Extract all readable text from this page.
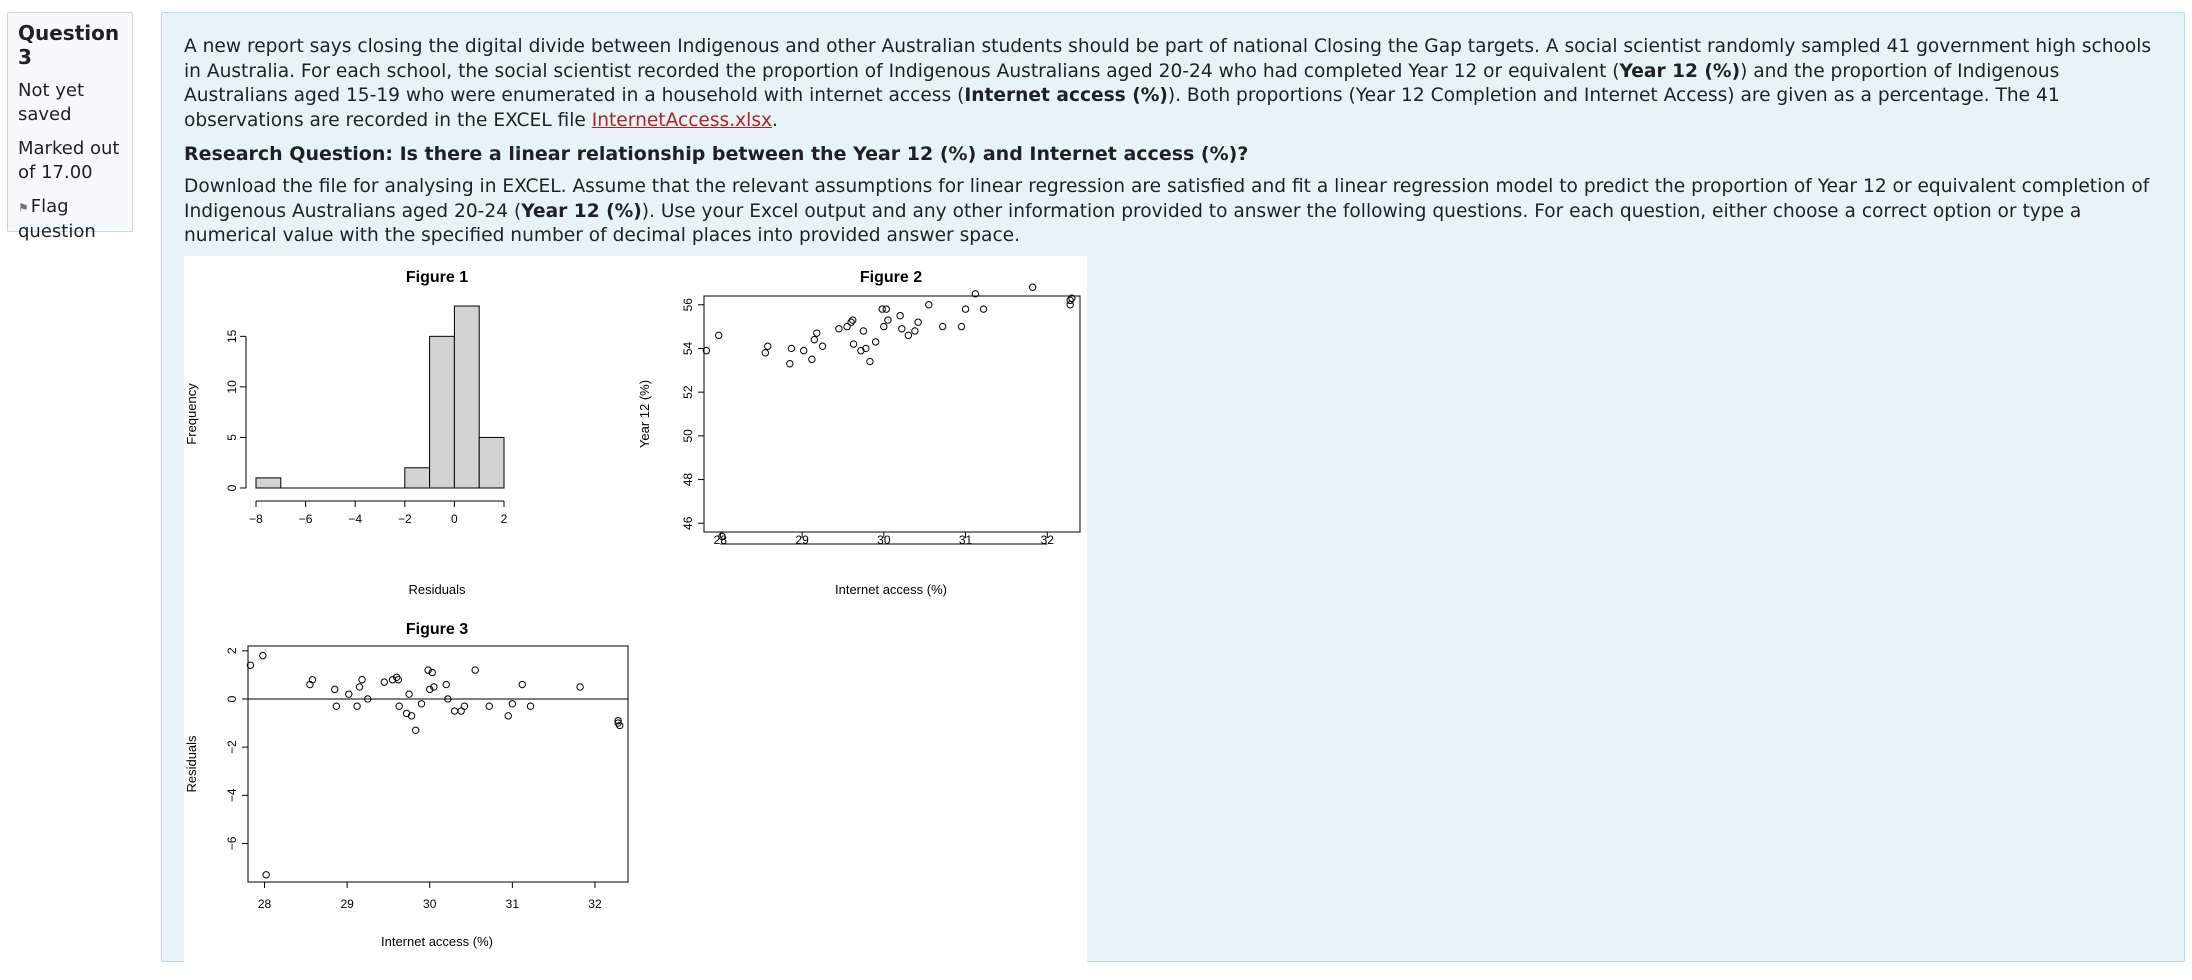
Question 3
Not yet
saved
Marked out
of 17.00
⚑ Flag
question

A new report says closing the digital divide between Indigenous and other Australian students should be part of national Closing the Gap targets. A social scientist randomly sampled 41 government high schools in Australia. For each school, the social scientist recorded the proportion of Indigenous Australians aged 20-24 who had completed Year 12 or equivalent (Year 12 (%)) and the proportion of Indigenous Australians aged 15-19 who were enumerated in a household with internet access (Internet access (%)). Both proportions (Year 12 Completion and Internet Access) are given as a percentage. The 41 observations are recorded in the EXCEL file InternetAccess.xlsx.

Research Question: Is there a linear relationship between the Year 12 (%) and Internet access (%)?

Download the file for analysing in EXCEL. Assume that the relevant assumptions for linear regression are satisfied and fit a linear regression model to predict the proportion of Year 12 or equivalent completion of Indigenous Australians aged 20-24 (Year 12 (%)). Use your Excel output and any other information provided to answer the following questions. For each question, either choose a correct option or type a numerical value with the specified number of decimal places into provided answer space.

Figure 1
−8	−6	−4	−2	0	2
0
5
10
15
Residuals
Frequency
Figure 2
28	29	30	31	32
46
48
50
52
54
56
Internet access (%)
Year 12 (%)
Figure 3
28	29	30	31	32
2
0
−2
−4
−6
Internet access (%)
Residuals
